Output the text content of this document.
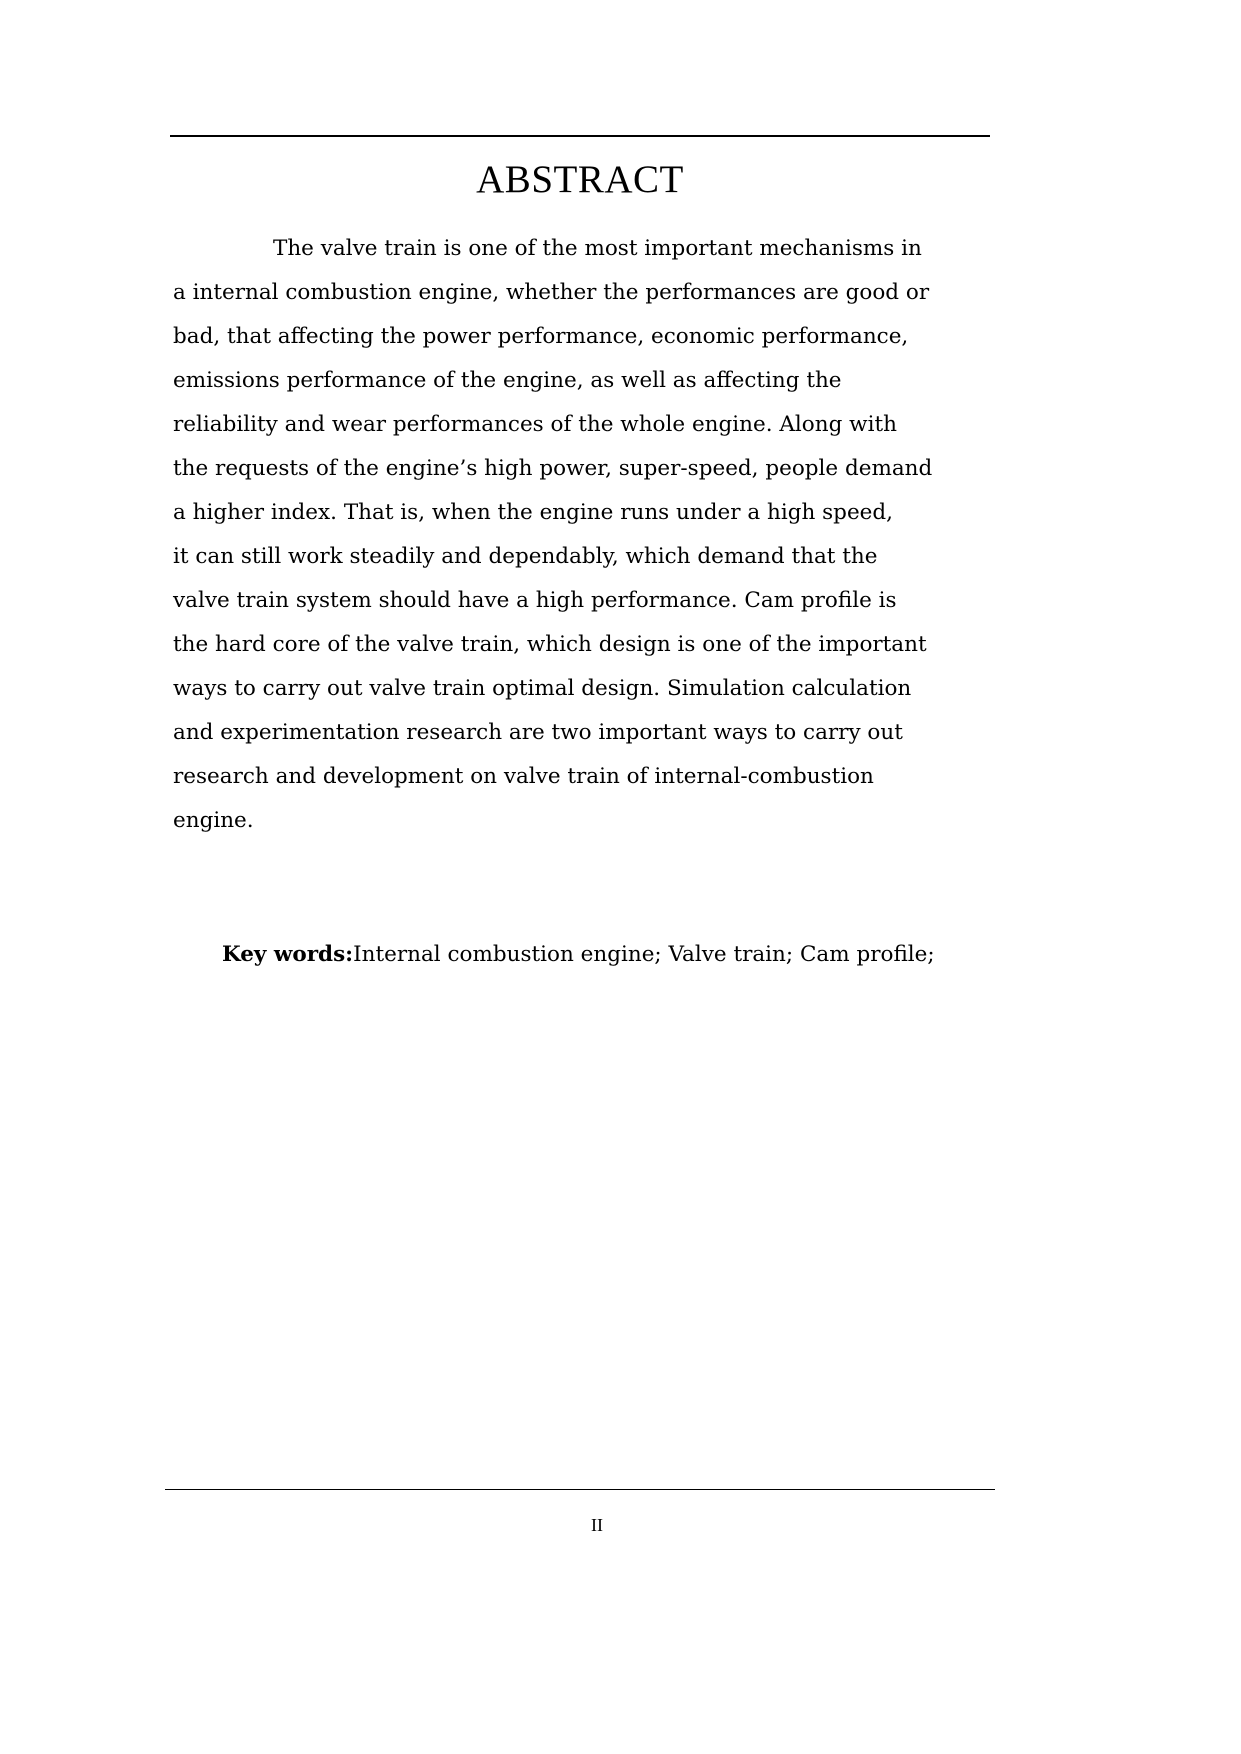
ABSTRACT
The valve train is one of the most important mechanisms in
a internal combustion engine, whether the performances are good or
bad, that affecting the power performance, economic performance,
emissions performance of the engine, as well as affecting the
reliability and wear performances of the whole engine. Along with
the requests of the engine’s high power, super-speed, people demand
a higher index. That is, when the engine runs under a high speed,
it can still work steadily and dependably, which demand that the
valve train system should have a high performance. Cam profile is
the hard core of the valve train, which design is one of the important
ways to carry out valve train optimal design. Simulation calculation
and experimentation research are two important ways to carry out
research and development on valve train of internal-combustion
engine.
Key words:Internal combustion engine; Valve train; Cam profile;
II
